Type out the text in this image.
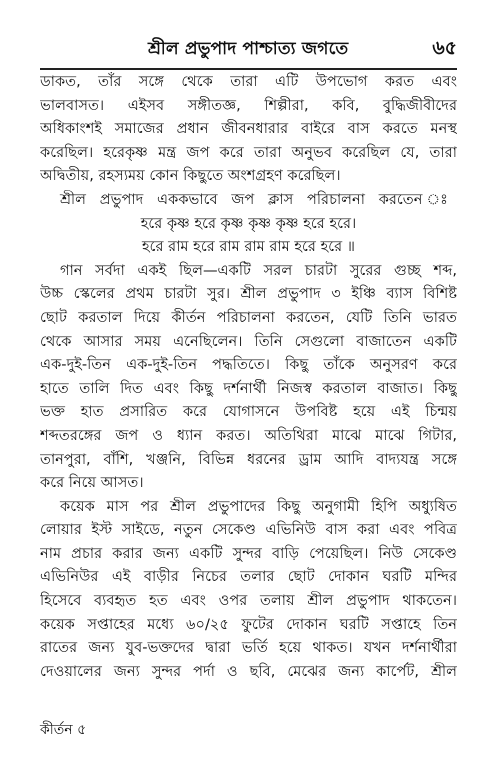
শ্রীল প্রভুপাদ পাশ্চাত্য জগতে	৬৫
ডাকত, তাঁর সঙ্গে থেকে তারা এটি উপভোগ করত এবং
ভালবাসত। এইসব সঙ্গীতজ্ঞ, শিল্পীরা, কবি, বুদ্ধিজীবীদের
অধিকাংশই সমাজের প্রধান জীবনধারার বাইরে বাস করতে মনস্থ
করেছিল। হরেকৃষ্ণ মন্ত্র জপ করে তারা অনুভব করেছিল যে, তারা
অদ্বিতীয়, রহস্যময় কোন কিছুতে অংশগ্রহণ করেছিল।
শ্রীল প্রভুপাদ এককভাবে জপ ক্লাস পরিচালনা করতেন ঃ
হরে কৃষ্ণ হরে কৃষ্ণ কৃষ্ণ কৃষ্ণ হরে হরে।
হরে রাম হরে রাম রাম রাম হরে হরে ॥
গান সর্বদা একই ছিল—একটি সরল চারটা সুরের গুচ্ছ শব্দ,
উচ্চ স্কেলের প্রথম চারটা সুর। শ্রীল প্রভুপাদ ৩ ইঞ্চি ব্যাস বিশিষ্ট
ছোট করতাল দিয়ে কীর্তন পরিচালনা করতেন, যেটি তিনি ভারত
থেকে আসার সময় এনেছিলেন। তিনি সেগুলো বাজাতেন একটি
এক-দুই-তিন এক-দুই-তিন পদ্ধতিতে। কিছু তাঁকে অনুসরণ করে
হাতে তালি দিত এবং কিছু দর্শনার্থী নিজস্ব করতাল বাজাত। কিছু
ভক্ত হাত প্রসারিত করে যোগাসনে উপবিষ্ট হয়ে এই চিন্ময়
শব্দতরঙ্গের জপ ও ধ্যান করত। অতিথিরা মাঝে মাঝে গিটার,
তানপুরা, বাঁশি, খঞ্জনি, বিভিন্ন ধরনের ড্রাম আদি বাদ্যযন্ত্র সঙ্গে
করে নিয়ে আসত।
কয়েক মাস পর শ্রীল প্রভুপাদের কিছু অনুগামী হিপি অধ্যুষিত
লোয়ার ইস্ট সাইডে, নতুন সেকেণ্ড এভিনিউ বাস করা এবং পবিত্র
নাম প্রচার করার জন্য একটি সুন্দর বাড়ি পেয়েছিল। নিউ সেকেণ্ড
এভিনিউর এই বাড়ীর নিচের তলার ছোট দোকান ঘরটি মন্দির
হিসেবে ব্যবহৃত হত এবং ওপর তলায় শ্রীল প্রভুপাদ থাকতেন।
কয়েক সপ্তাহের মধ্যে ৬০/২৫ ফুটের দোকান ঘরটি সপ্তাহে তিন
রাতের জন্য যুব-ভক্তদের দ্বারা ভর্তি হয়ে থাকত। যখন দর্শনার্থীরা
দেওয়ালের জন্য সুন্দর পর্দা ও ছবি, মেঝের জন্য কার্পেট, শ্রীল
কীর্তন ৫
